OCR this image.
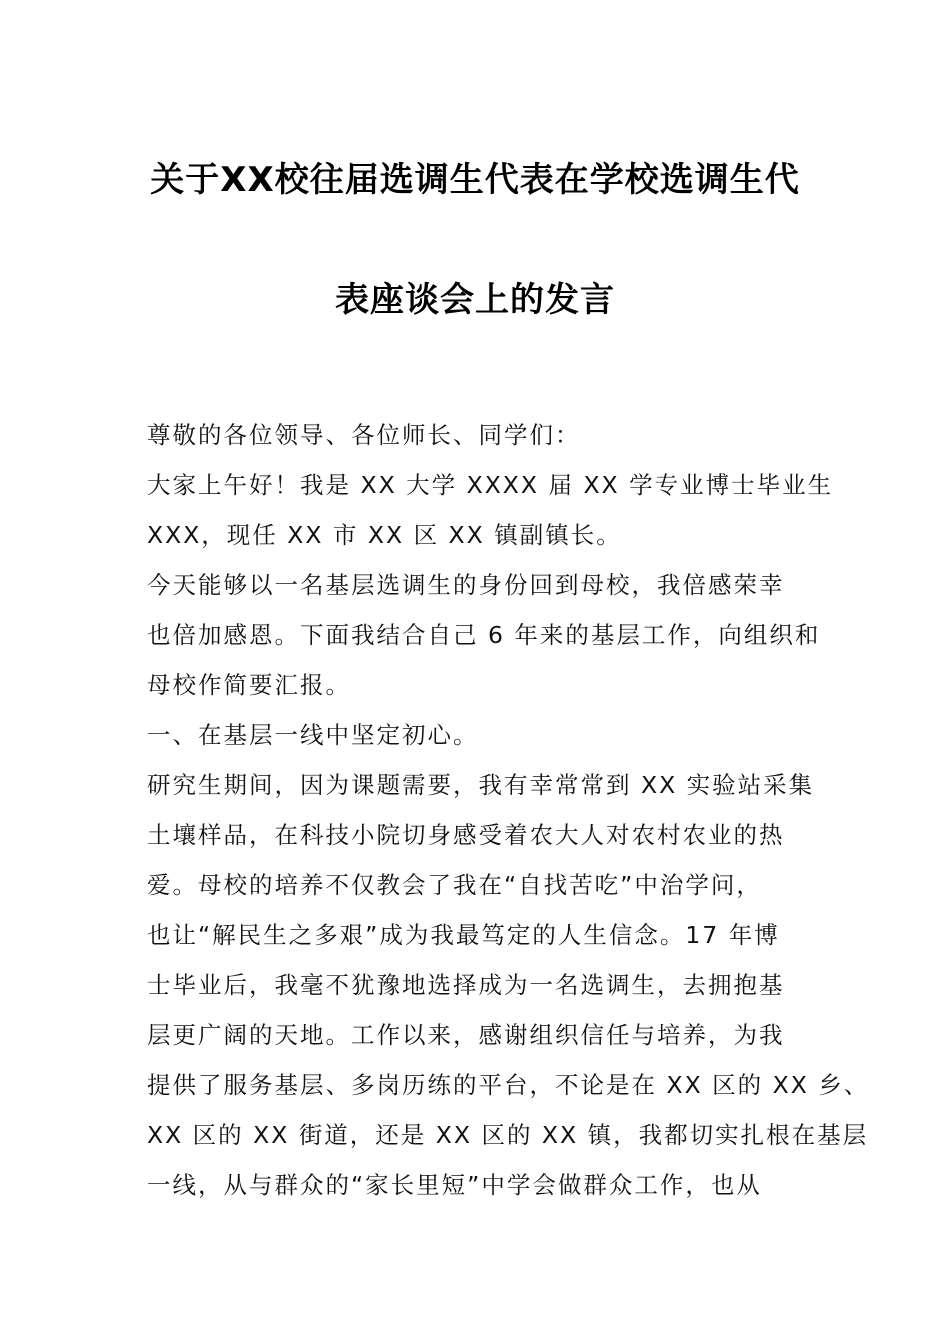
关于XX校往届选调生代表在学校选调生代
表座谈会上的发言
尊敬的各位领导、各位师长、同学们：
大家上午好！我是 XX 大学 XXXX 届 XX 学专业博士毕业生
XXX，现任 XX 市 XX 区 XX 镇副镇长。
今天能够以一名基层选调生的身份回到母校，我倍感荣幸
也倍加感恩。下面我结合自己 6 年来的基层工作，向组织和
母校作简要汇报。
一、在基层一线中坚定初心。
研究生期间，因为课题需要，我有幸常常到 XX 实验站采集
土壤样品，在科技小院切身感受着农大人对农村农业的热
爱。母校的培养不仅教会了我在“自找苦吃”中治学问，
也让“解民生之多艰”成为我最笃定的人生信念。17 年博
士毕业后，我毫不犹豫地选择成为一名选调生，去拥抱基
层更广阔的天地。工作以来，感谢组织信任与培养，为我
提供了服务基层、多岗历练的平台，不论是在 XX 区的 XX 乡、
XX 区的 XX 街道，还是 XX 区的 XX 镇，我都切实扎根在基层
一线，从与群众的“家长里短”中学会做群众工作，也从
